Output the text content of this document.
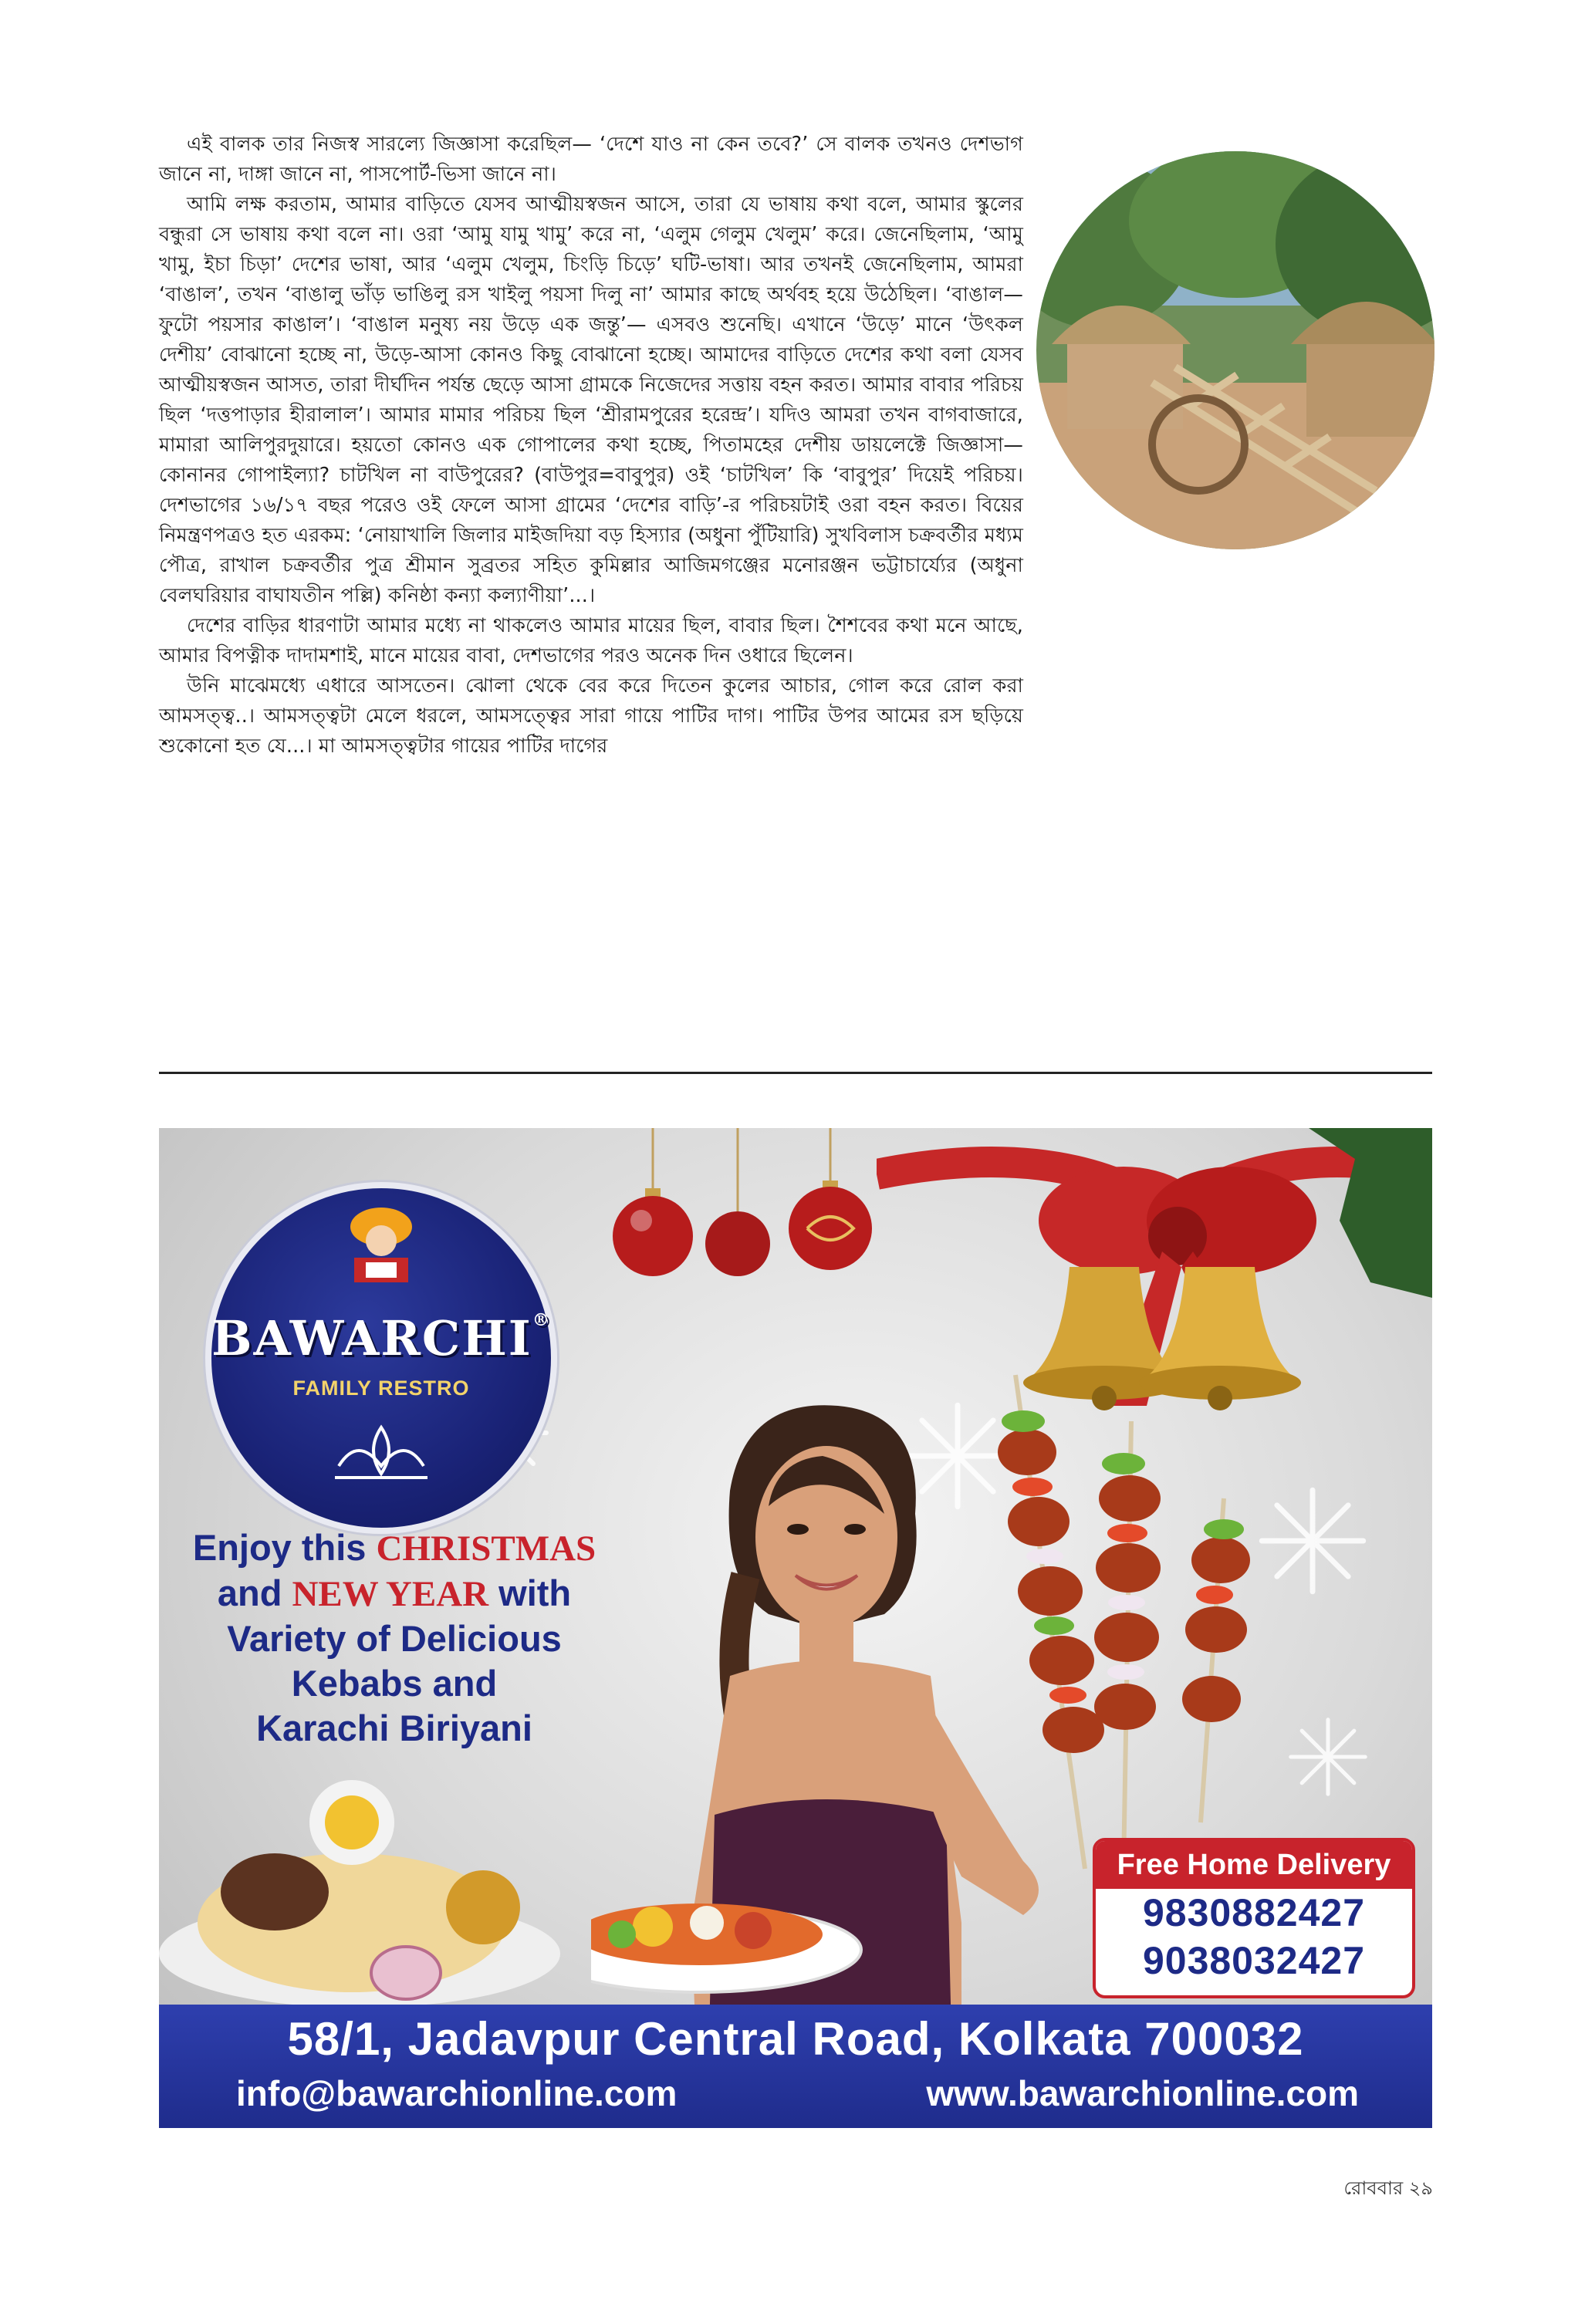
এই বালক তার নিজস্ব সারল্যে জিজ্ঞাসা করেছিল— ‘দেশে যাও না কেন তবে?’ সে বালক তখনও দেশভাগ জানে না, দাঙ্গা জানে না, পাসপোর্ট-ভিসা জানে না।

আমি লক্ষ করতাম, আমার বাড়িতে যেসব আত্মীয়স্বজন আসে, তারা যে ভাষায় কথা বলে, আমার স্কুলের বন্ধুরা সে ভাষায় কথা বলে না। ওরা ‘আমু যামু খামু’ করে না, ‘এলুম গেলুম খেলুম’ করে। জেনেছিলাম, ‘আমু খামু, ইচা চিড়া’ দেশের ভাষা, আর ‘এলুম খেলুম, চিংড়ি চিড়ে’ ঘটি-ভাষা। আর তখনই জেনেছিলাম, আমরা ‘বাঙাল’, তখন ‘বাঙালু ভাঁড় ভাঙিলু রস খাইলু পয়সা দিলু না’ আমার কাছে অর্থবহ হয়ে উঠেছিল। ‘বাঙাল— ফুটো পয়সার কাঙাল’। ‘বাঙাল মনুষ্য নয় উড়ে এক জন্তু’— এসবও শুনেছি। এখানে ‘উড়ে’ মানে ‘উৎকল দেশীয়’ বোঝানো হচ্ছে না, উড়ে-আসা কোনও কিছু বোঝানো হচ্ছে। আমাদের বাড়িতে দেশের কথা বলা যেসব আত্মীয়স্বজন আসত, তারা দীর্ঘদিন পর্যন্ত ছেড়ে আসা গ্রামকে নিজেদের সত্তায় বহন করত। আমার বাবার পরিচয় ছিল ‘দত্তপাড়ার হীরালাল’। আমার মামার পরিচয় ছিল ‘শ্রীরামপুরের হরেন্দ্র’। যদিও আমরা তখন বাগবাজারে, মামারা আলিপুরদুয়ারে। হয়তো কোনও এক গোপালের কথা হচ্ছে, পিতামহের দেশীয় ডায়লেক্টে জিজ্ঞাসা— কোনানর গোপাইল্যা? চাটখিল না বাউপুরের? (বাউপুর=বাবুপুর) ওই ‘চাটখিল’ কি ‘বাবুপুর’ দিয়েই পরিচয়। দেশভাগের ১৬/১৭ বছর পরেও ওই ফেলে আসা গ্রামের ‘দেশের বাড়ি’-র পরিচয়টাই ওরা বহন করত। বিয়ের নিমন্ত্রণপত্রও হত এরকম: ‘নোয়াখালি জিলার মাইজদিয়া বড় হিস্যার (অধুনা পুঁটিয়ারি) সুখবিলাস চক্রবর্তীর মধ্যম পৌত্র, রাখাল চক্রবর্তীর পুত্র শ্রীমান সুব্রতর সহিত কুমিল্লার আজিমগঞ্জের মনোরঞ্জন ভট্টাচার্য্যের (অধুনা বেলঘরিয়ার বাঘাযতীন পল্লি) কনিষ্ঠা কন্যা কল্যাণীয়া’...।

দেশের বাড়ির ধারণাটা আমার মধ্যে না থাকলেও আমার মায়ের ছিল, বাবার ছিল। শৈশবের কথা মনে আছে, আমার বিপত্নীক দাদামশাই, মানে মায়ের বাবা, দেশভাগের পরও অনেক দিন ওধারে ছিলেন।

উনি মাঝেমধ্যে এধারে আসতেন। ঝোলা থেকে বের করে দিতেন কুলের আচার, গোল করে রোল করা আমসত্ত্ব..। আমসত্ত্বটা মেলে ধরলে, আমসত্ত্বের সারা গায়ে পাটির দাগ। পাটির উপর আমের রস ছড়িয়ে শুকোনো হত যে...। মা আমসত্ত্বটার গায়ের পাটির দাগের

BAWARCHI®
FAMILY RESTRO
Enjoy this CHRISTMAS
and NEW YEAR with
Variety of Delicious
Kebabs and
Karachi Biriyani
Free Home Delivery
9830882427
9038032427
58/1, Jadavpur Central Road, Kolkata 700032
info@bawarchionline.com	www.bawarchionline.com
রোববার ২৯
